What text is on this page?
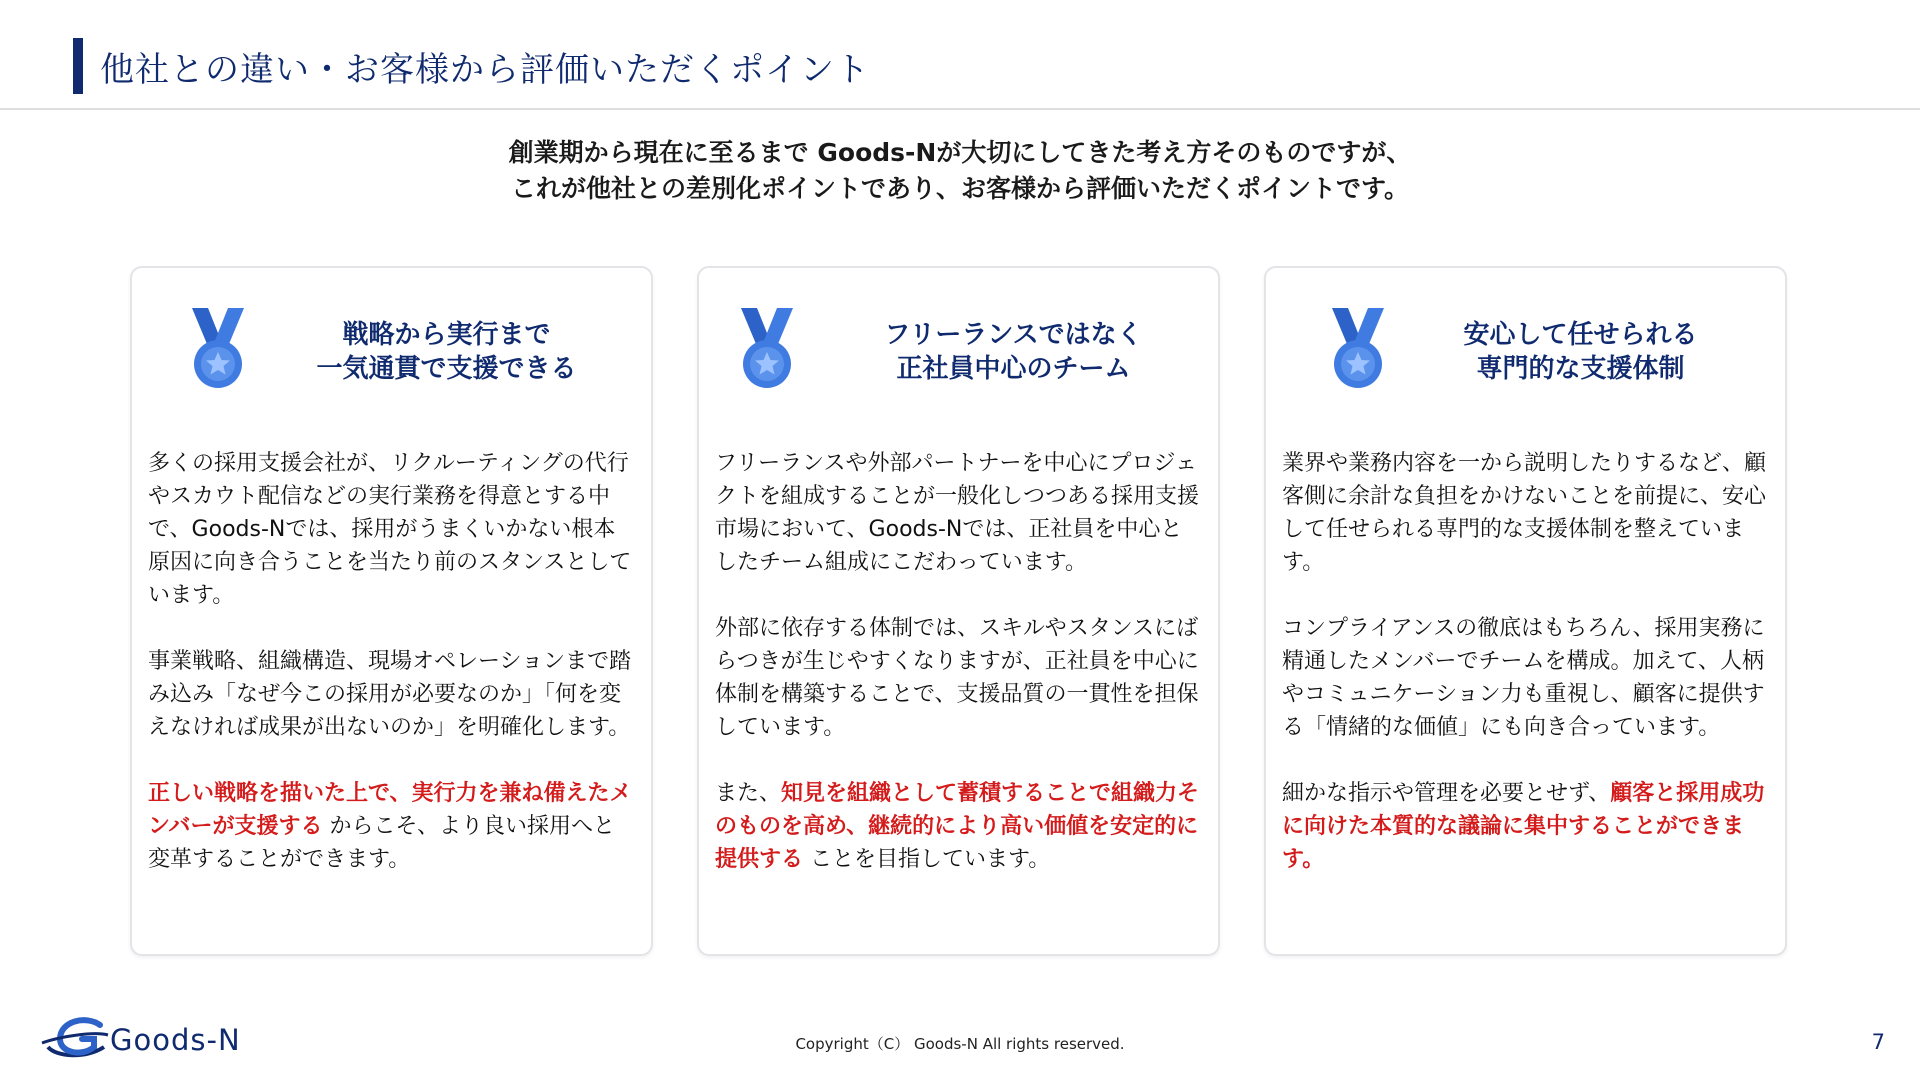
他社との違い・お客様から評価いただくポイント
創業期から現在に至るまで Goods-Nが大切にしてきた考え方そのものですが、
これが他社との差別化ポイントであり、お客様から評価いただくポイントです。
戦略から実行まで
一気通貫で支援できる

多くの採用支援会社が、リクルーティングの代行やスカウト配信などの実行業務を得意とする中で、Goods-Nでは、採用がうまくいかない根本原因に向き合うことを当たり前のスタンスとしています。

事業戦略、組織構造、現場オペレーションまで踏み込み「なぜ今この採用が必要なのか」「何を変えなければ成果が出ないのか」を明確化します。

正しい戦略を描いた上で、実行力を兼ね備えたメンバーが支援する からこそ、より良い採用へと変革することができます。

フリーランスではなく
正社員中心のチーム

フリーランスや外部パートナーを中心にプロジェクトを組成することが一般化しつつある採用支援市場において、Goods-Nでは、正社員を中心としたチーム組成にこだわっています。

外部に依存する体制では、スキルやスタンスにばらつきが生じやすくなりますが、正社員を中心に体制を構築することで、支援品質の一貫性を担保しています。

また、知見を組織として蓄積することで組織力そのものを高め、継続的により高い価値を安定的に提供する ことを目指しています。

安心して任せられる
専門的な支援体制

業界や業務内容を一から説明したりするなど、顧客側に余計な負担をかけないことを前提に、安心して任せられる専門的な支援体制を整えています。

コンプライアンスの徹底はもちろん、採用実務に精通したメンバーでチームを構成。加えて、人柄やコミュニケーション力も重視し、顧客に提供する「情緒的な価値」にも向き合っています。

細かな指示や管理を必要とせず、顧客と採用成功に向けた本質的な議論に集中することができます。

Goods-N	Copyright（C） Goods-N All rights reserved.	7
